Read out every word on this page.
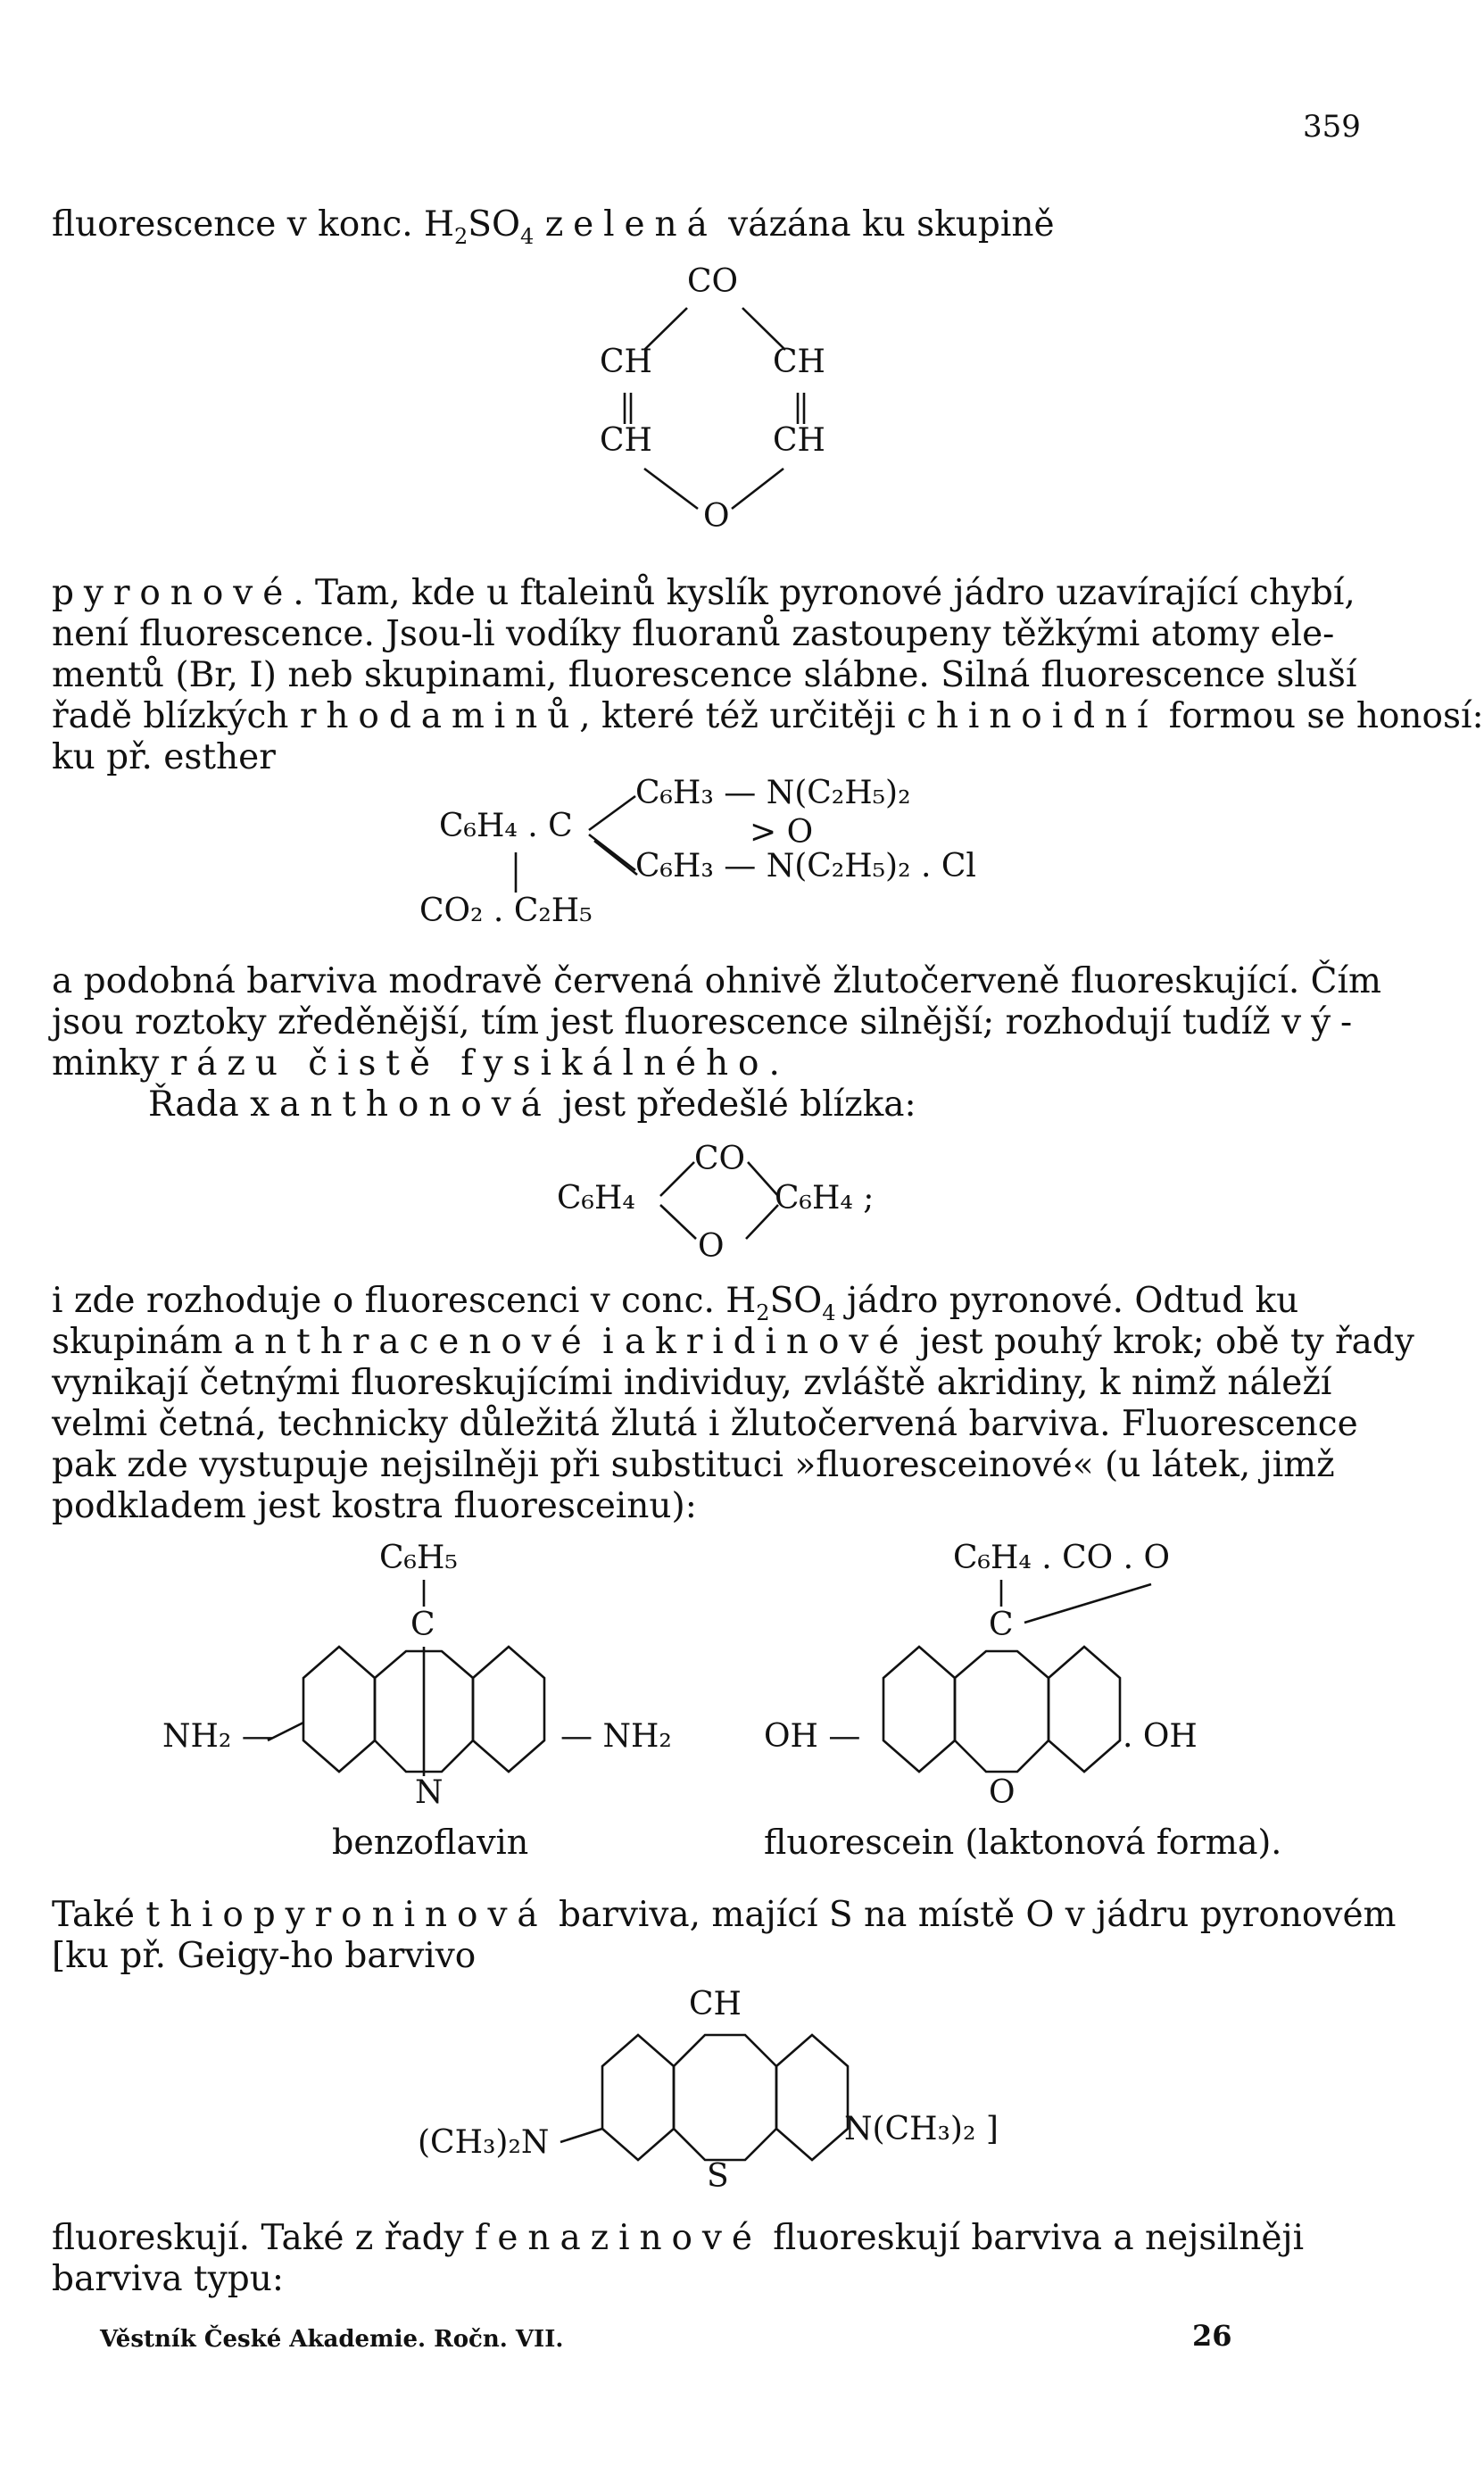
359
fluorescence v konc. $H_2SO_4$ zelená vázána ku skupině
CO
CH	CH
CH	CH
O
pyronové. Tam, kde u ftaleinů kyslík pyronové jádro uzavírající chybí,
není fluorescence. Jsou-li vodíky fluoranů zastoupeny těžkými atomy ele-
mentů (Br, I) neb skupinami, fluorescence slábne. Silná fluorescence sluší
řadě blízkých rhodaminů, které též určitěji chinoidní formou se honosí:
ku př. esther
C₆H₄ . C
C₆H₃ — N(C₂H₅)₂
> O
C₆H₃ — N(C₂H₅)₂ . Cl
CO₂ . C₂H₅
a podobná barviva modravě červená ohnivě žlutočerveně fluoreskující. Čím
jsou roztoky zředěnější, tím jest fluorescence silnější; rozhodují tudíž vý-
minky rázu čistě fysikálného.
Řada xanthonová jest předešlé blízka:
C₆H₄
CO
C₆H₄ ;
O
i zde rozhoduje o fluorescenci v conc. $H_2SO_4$ jádro pyronové. Odtud ku
skupinám anthracenové i akridinové jest pouhý krok; obě ty řady
vynikají četnými fluoreskujícími individuy, zvláště akridiny, k nimž náleží
velmi četná, technicky důležitá žlutá i žlutočervená barviva. Fluorescence
pak zde vystupuje nejsilněji při substituci »fluoresceinové« (u látek, jimž
podkladem jest kostra fluoresceinu):
C₆H₅
C
NH₂ —	— NH₂
N
benzoflavin
C₆H₄ . CO . O
C
OH —	. OH
O
fluorescein (laktonová forma).
Také thiopyroninová barviva, mající S na místě O v jádru pyronovém
[ku př. Geigy-ho barvivo
CH
(CH₃)₂N	N(CH₃)₂ ]
S
fluoreskují. Také z řady fenazinové fluoreskují barviva a nejsilněji
barviva typu:
Věstník České Akademie. Ročn. VII.	26
